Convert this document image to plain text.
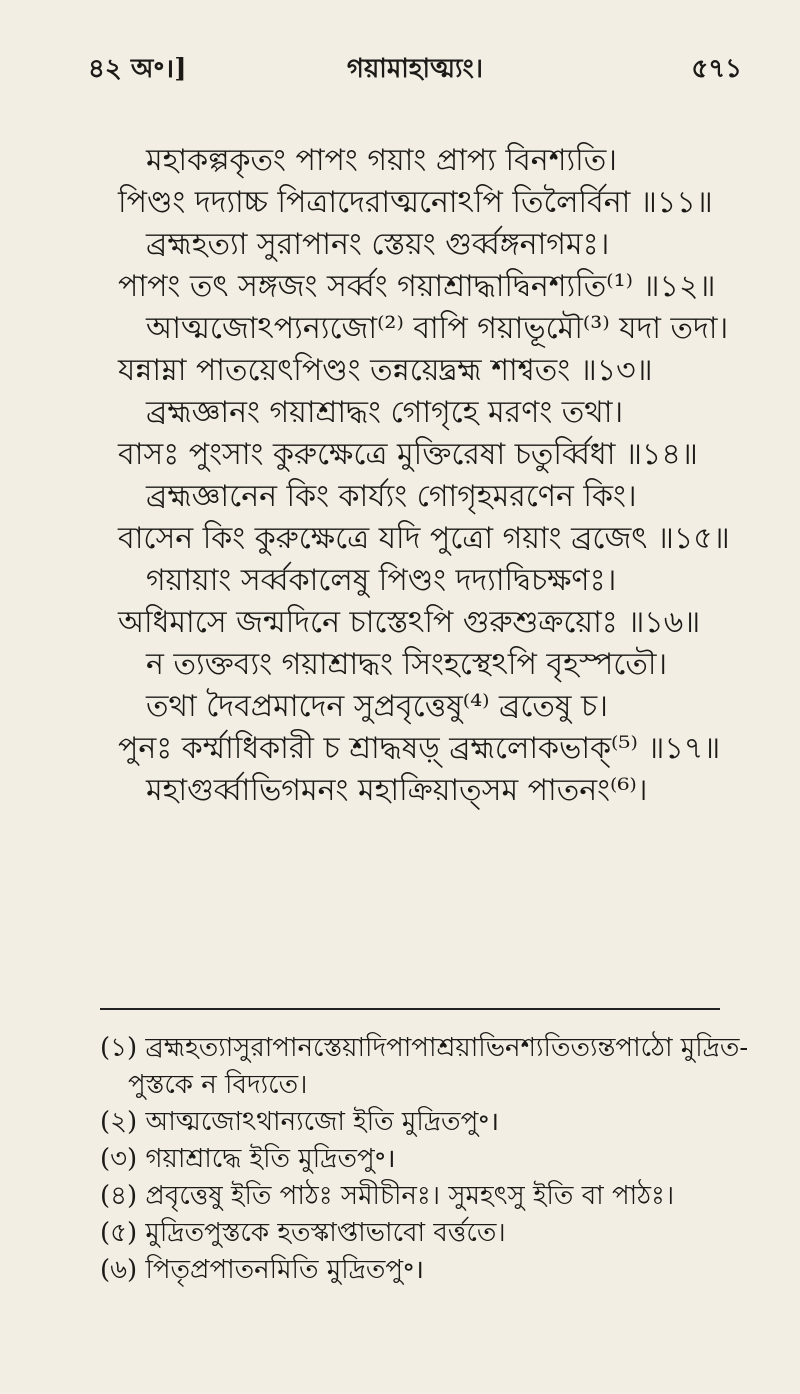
৪২ অ॰।]	গয়ামাহাত্ম্যং।	৫৭১
মহাকল্পকৃতং পাপং গয়াং প্রাপ্য বিনশ্যতি।
পিণ্ডং দদ্যাচ্চ পিত্রাদেরাত্মনোঽপি তিলৈর্বিনা ॥১১॥
ব্রহ্মহত্যা সুরাপানং স্তেয়ং গুর্ব্বঙ্গনাগমঃ।
পাপং তৎ সঙ্গজং সর্ব্বং গয়াশ্রাদ্ধাদ্বিনশ্যতি⁽¹⁾ ॥১২॥
আত্মজোঽপ্যন্যজো⁽²⁾ বাপি গয়াভূমৌ⁽³⁾ যদা তদা।
যন্নাম্না পাতয়েৎপিণ্ডং তন্নয়েদ্ব্রহ্ম শাশ্বতং ॥১৩॥
ব্রহ্মজ্ঞানং গয়াশ্রাদ্ধং গোগৃহে মরণং তথা।
বাসঃ পুংসাং কুরুক্ষেত্রে মুক্তিরেষা চতুর্ব্বিধা ॥১৪॥
ব্রহ্মজ্ঞানেন কিং কার্য্যং গোগৃহমরণেন কিং।
বাসেন কিং কুরুক্ষেত্রে যদি পুত্রো গয়াং ব্রজেৎ ॥১৫॥
গয়ায়াং সর্ব্বকালেষু পিণ্ডং দদ্যাদ্বিচক্ষণঃ।
অধিমাসে জন্মদিনে চাস্তেঽপি গুরুশুক্রয়োঃ ॥১৬॥
ন ত্যক্তব্যং গয়াশ্রাদ্ধং সিংহস্থেঽপি বৃহস্পতৌ।
তথা দৈবপ্রমাদেন সুপ্রবৃত্তেষু⁽⁴⁾ ব্রতেষু চ।
পুনঃ কর্ম্মাধিকারী চ শ্রাদ্ধষড়্ ব্রহ্মলোকভাক্⁽⁵⁾ ॥১৭॥
মহাগুর্ব্বাভিগমনং মহাক্রিয়াত্সম পাতনং⁽⁶⁾।
(১) ব্রহ্মহত্যাসুরাপানস্তেয়াদিপাপাশ্রয়াভিনশ্যতিত্যন্তপাঠো মুদ্রিত-
পুস্তকে ন বিদ্যতে।
(২) আত্মজোঽথান্যজো ইতি মুদ্রিতপু॰।
(৩) গয়াশ্রাদ্ধে ইতি মুদ্রিতপু॰।
(৪) প্রবৃত্তেষু ইতি পাঠঃ সমীচীনঃ। সুমহৎসু ইতি বা পাঠঃ।
(৫) মুদ্রিতপুস্তকে হতস্কাপ্তাভাবো বর্ত্ততে।
(৬) পিতৃপ্রপাতনমিতি মুদ্রিতপু॰।
